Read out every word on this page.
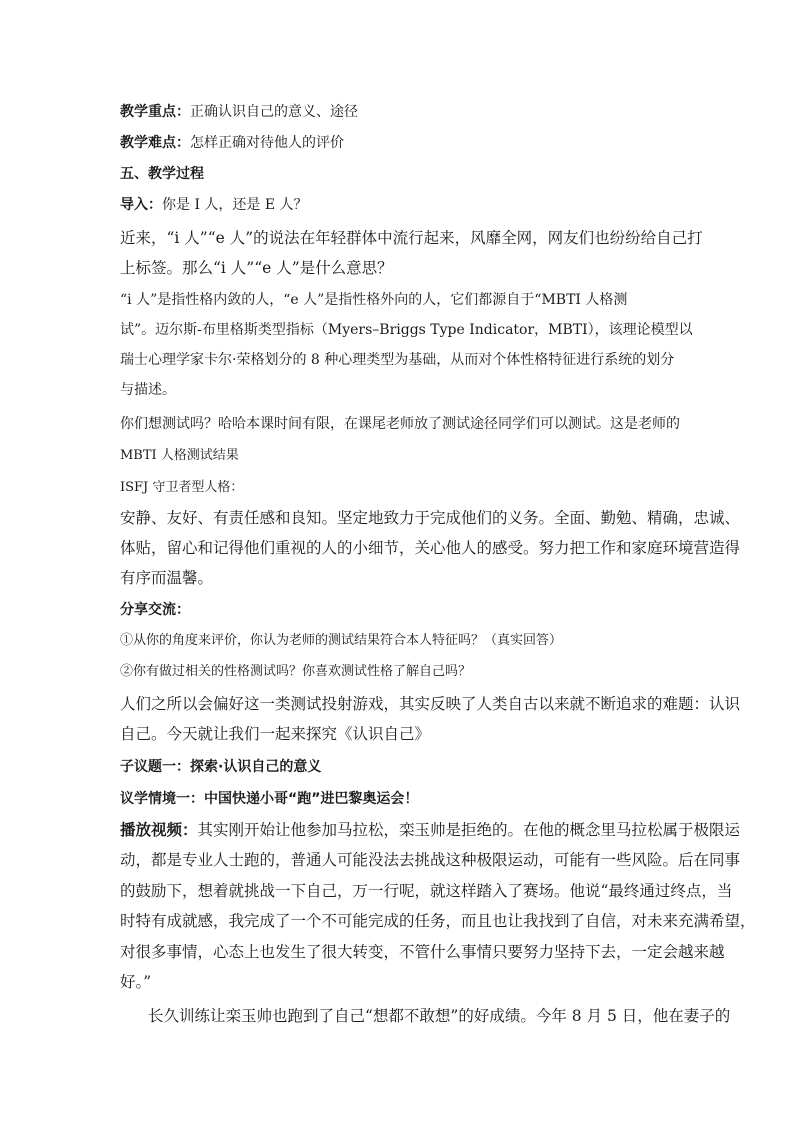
教学重点：正确认识自己的意义、途径
教学难点：怎样正确对待他人的评价
五、教学过程
导入：你是 I 人，还是 E 人？
近来，“i 人”“e 人”的说法在年轻群体中流行起来，风靡全网，网友们也纷纷给自己打
上标签。那么“i 人”“e 人”是什么意思？
“i 人”是指性格内敛的人，“e 人”是指性格外向的人，它们都源自于“MBTI 人格测
试”。迈尔斯-布里格斯类型指标（Myers–Briggs Type Indicator，MBTI），该理论模型以
瑞士心理学家卡尔·荣格划分的 8 种心理类型为基础，从而对个体性格特征进行系统的划分
与描述。
你们想测试吗？哈哈本课时间有限，在课尾老师放了测试途径同学们可以测试。这是老师的
MBTI 人格测试结果
ISFJ 守卫者型人格：
安静、友好、有责任感和良知。坚定地致力于完成他们的义务。全面、勤勉、精确，忠诚、
体贴，留心和记得他们重视的人的小细节，关心他人的感受。努力把工作和家庭环境营造得
有序而温馨。
分享交流：
①从你的角度来评价，你认为老师的测试结果符合本人特征吗？（真实回答）
②你有做过相关的性格测试吗？你喜欢测试性格了解自己吗？
人们之所以会偏好这一类测试投射游戏，其实反映了人类自古以来就不断追求的难题：认识
自己。今天就让我们一起来探究《认识自己》
子议题一：探索·认识自己的意义
议学情境一：中国快递小哥“跑”进巴黎奥运会！
播放视频：其实刚开始让他参加马拉松，栾玉帅是拒绝的。在他的概念里马拉松属于极限运
动，都是专业人士跑的，普通人可能没法去挑战这种极限运动，可能有一些风险。后在同事
的鼓励下，想着就挑战一下自己，万一行呢，就这样踏入了赛场。他说“最终通过终点，当
时特有成就感，我完成了一个不可能完成的任务，而且也让我找到了自信，对未来充满希望，
对很多事情，心态上也发生了很大转变，不管什么事情只要努力坚持下去，一定会越来越
好。”
长久训练让栾玉帅也跑到了自己“想都不敢想”的好成绩。今年 8 月 5 日，他在妻子的
